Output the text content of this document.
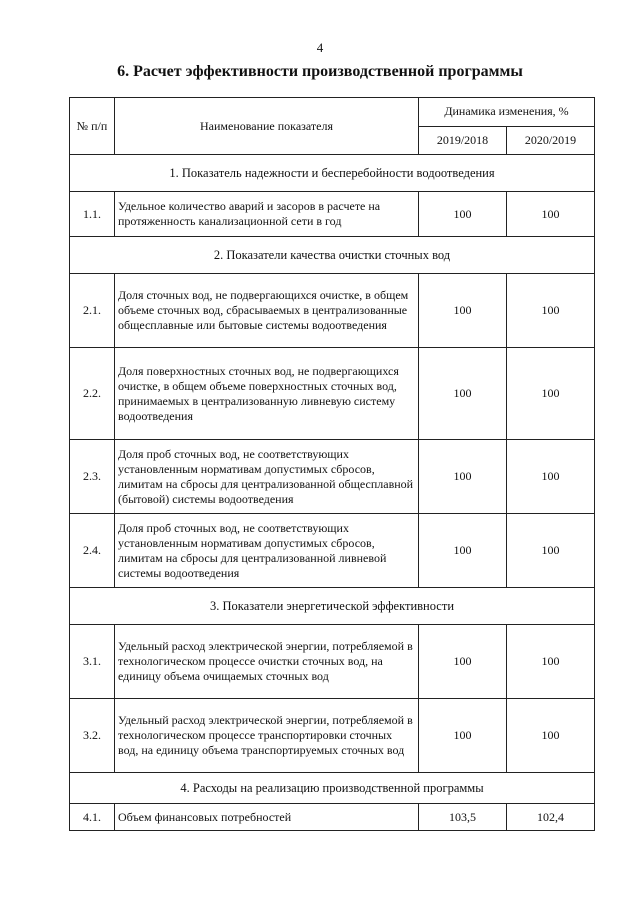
4
6. Расчет эффективности производственной программы
№ п/п	Наименование показателя	Динамика изменения, %	
		2019/2018	2020/2019
1. Показатель надежности и бесперебойности водоотведения			
1.1.	Удельное количество аварий и засоров в расчете на протяженность канализационной сети в год	100	100
2. Показатели качества очистки сточных вод			
2.1.	Доля сточных вод, не подвергающихся очистке, в общем объеме сточных вод, сбрасываемых в централизованные общесплавные или бытовые системы водоотведения	100	100
2.2.	Доля поверхностных сточных вод, не подвергающихся очистке, в общем объеме поверхностных сточных вод, принимаемых в централизованную ливневую систему водоотведения	100	100
2.3.	Доля проб сточных вод, не соответствующих установленным нормативам допустимых сбросов, лимитам на сбросы для централизованной общесплавной (бытовой) системы водоотведения	100	100
2.4.	Доля проб сточных вод, не соответствующих установленным нормативам допустимых сбросов, лимитам на сбросы для централизованной ливневой системы водоотведения	100	100
3. Показатели энергетической эффективности			
3.1.	Удельный расход электрической энергии, потребляемой в технологическом процессе очистки сточных вод, на единицу объема очищаемых сточных вод	100	100
3.2.	Удельный расход электрической энергии, потребляемой в технологическом процессе транспортировки сточных вод, на единицу объема транспортируемых сточных вод	100	100
4. Расходы на реализацию производственной программы			
4.1.	Объем финансовых потребностей	103,5	102,4
